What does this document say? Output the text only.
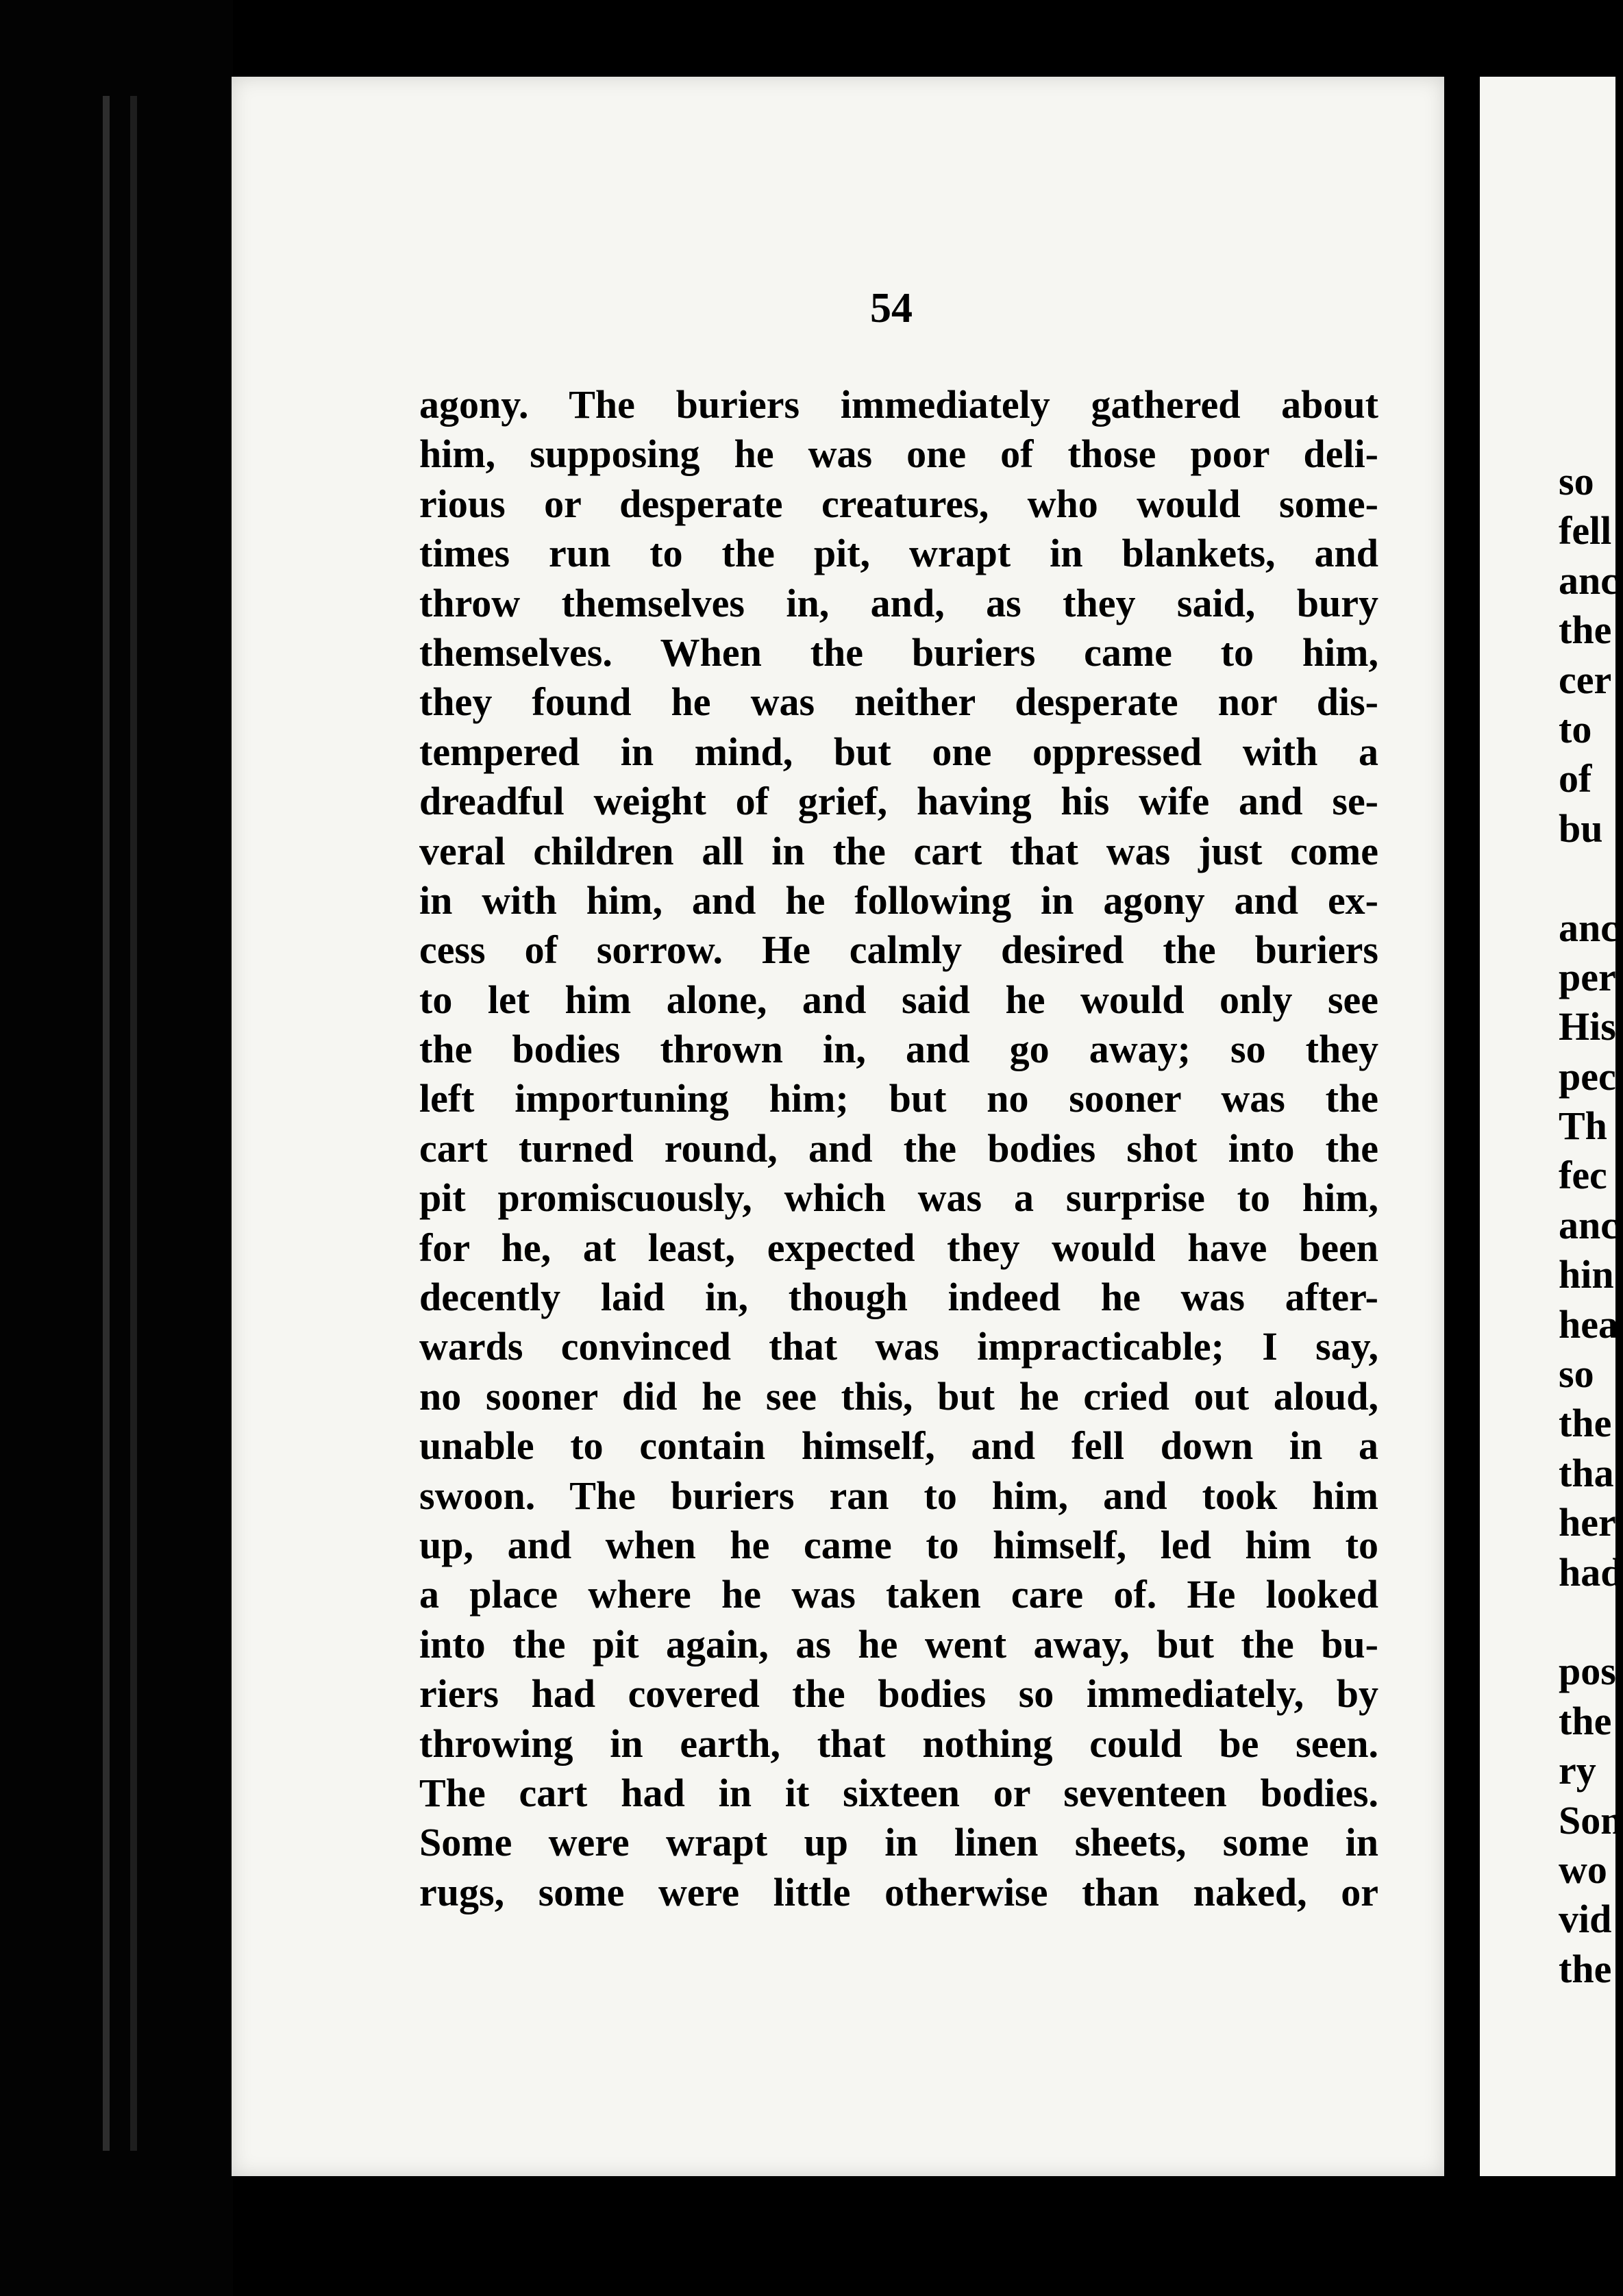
54
agony. The buriers immediately gathered about
him, supposing he was one of those poor deli-
rious or desperate creatures, who would some-
times run to the pit, wrapt in blankets, and
throw themselves in, and, as they said, bury
themselves. When the buriers came to him,
they found he was neither desperate nor dis-
tempered in mind, but one oppressed with a
dreadful weight of grief, having his wife and se-
veral children all in the cart that was just come
in with him, and he following in agony and ex-
cess of sorrow. He calmly desired the buriers
to let him alone, and said he would only see
the bodies thrown in, and go away; so they
left importuning him; but no sooner was the
cart turned round, and the bodies shot into the
pit promiscuously, which was a surprise to him,
for he, at least, expected they would have been
decently laid in, though indeed he was after-
wards convinced that was impracticable; I say,
no sooner did he see this, but he cried out aloud,
unable to contain himself, and fell down in a
swoon. The buriers ran to him, and took him
up, and when he came to himself, led him to
a place where he was taken care of. He looked
into the pit again, as he went away, but the bu-
riers had covered the bodies so immediately, by
throwing in earth, that nothing could be seen.
The cart had in it sixteen or seventeen bodies.
Some were wrapt up in linen sheets, some in
rugs, some were little otherwise than naked, or
so
fell
anc
the
cer
to
of
bu
anc
per
His
pec
Th
fec
anc
hin
hea
so
the
tha
her
had
pos
the
ry
Son
wo
vid
the
